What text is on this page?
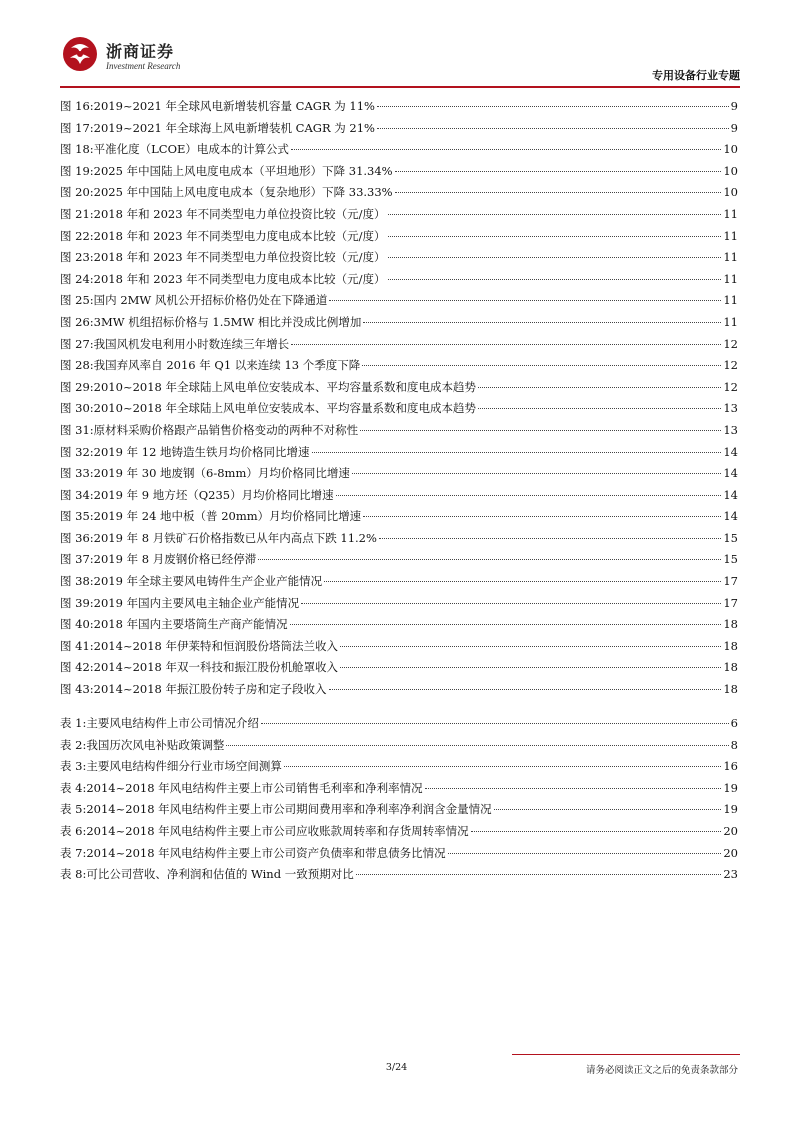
浙商证券
Investment Research
专用设备行业专题
图 16: 2019~2021 年全球风电新增装机容量 CAGR 为 11%	9
图 17: 2019~2021 年全球海上风电新增装机 CAGR 为 21%	9
图 18: 平准化度（LCOE）电成本的计算公式	10
图 19: 2025 年中国陆上风电度电成本（平坦地形）下降 31.34%	10
图 20: 2025 年中国陆上风电度电成本（复杂地形）下降 33.33%	10
图 21: 2018 年和 2023 年不同类型电力单位投资比较（元/度）	11
图 22: 2018 年和 2023 年不同类型电力度电成本比较（元/度）	11
图 23: 2018 年和 2023 年不同类型电力单位投资比较（元/度）	11
图 24: 2018 年和 2023 年不同类型电力度电成本比较（元/度）	11
图 25: 国内 2MW 风机公开招标价格仍处在下降通道	11
图 26: 3MW 机组招标价格与 1.5MW 相比并没成比例增加	11
图 27: 我国风机发电利用小时数连续三年增长	12
图 28: 我国弃风率自 2016 年 Q1 以来连续 13 个季度下降	12
图 29: 2010~2018 年全球陆上风电单位安装成本、平均容量系数和度电成本趋势	12
图 30: 2010~2018 年全球陆上风电单位安装成本、平均容量系数和度电成本趋势	13
图 31: 原材料采购价格跟产品销售价格变动的两种不对称性	13
图 32: 2019 年 12 地铸造生铁月均价格同比增速	14
图 33: 2019 年 30 地废钢（6-8mm）月均价格同比增速	14
图 34: 2019 年 9 地方坯（Q235）月均价格同比增速	14
图 35: 2019 年 24 地中板（普 20mm）月均价格同比增速	14
图 36: 2019 年 8 月铁矿石价格指数已从年内高点下跌 11.2%	15
图 37: 2019 年 8 月废钢价格已经停滞	15
图 38: 2019 年全球主要风电铸件生产企业产能情况	17
图 39: 2019 年国内主要风电主轴企业产能情况	17
图 40: 2018 年国内主要塔筒生产商产能情况	18
图 41: 2014~2018 年伊莱特和恒润股份塔筒法兰收入	18
图 42: 2014~2018 年双一科技和振江股份机舱罩收入	18
图 43: 2014~2018 年振江股份转子房和定子段收入	18
表 1: 主要风电结构件上市公司情况介绍	6
表 2: 我国历次风电补贴政策调整	8
表 3: 主要风电结构件细分行业市场空间测算	16
表 4: 2014~2018 年风电结构件主要上市公司销售毛利率和净利率情况	19
表 5: 2014~2018 年风电结构件主要上市公司期间费用率和净利率净利润含金量情况	19
表 6: 2014~2018 年风电结构件主要上市公司应收账款周转率和存货周转率情况	20
表 7: 2014~2018 年风电结构件主要上市公司资产负债率和带息债务比情况	20
表 8: 可比公司营收、净利润和估值的 Wind 一致预期对比	23
3/24	请务必阅读正文之后的免责条款部分
